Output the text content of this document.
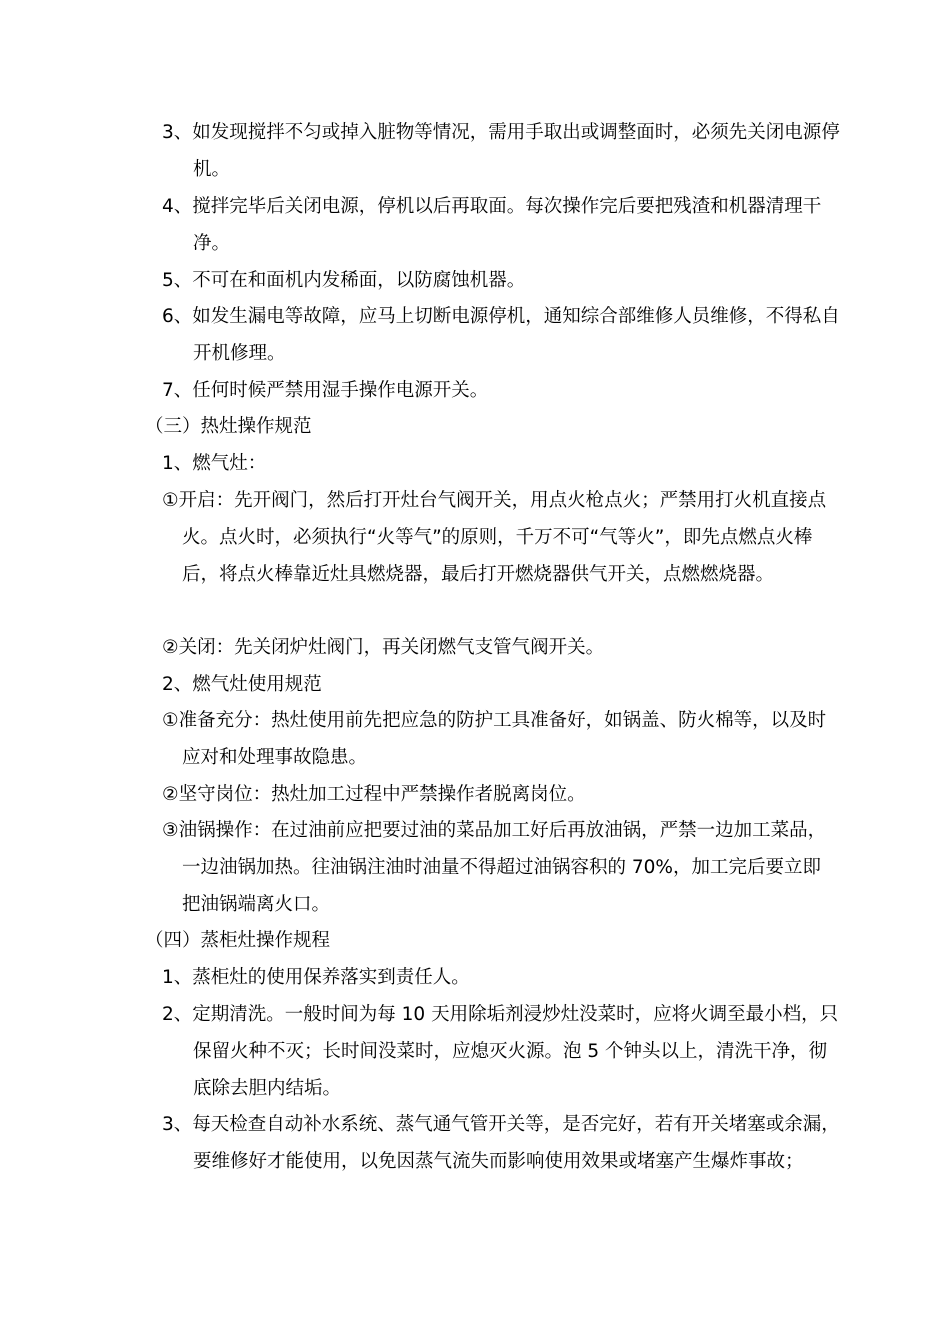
3、如发现搅拌不匀或掉入脏物等情况，需用手取出或调整面时，必须先关闭电源停机。

4、搅拌完毕后关闭电源，停机以后再取面。每次操作完后要把残渣和机器清理干净。

5、不可在和面机内发稀面，以防腐蚀机器。

6、如发生漏电等故障，应马上切断电源停机，通知综合部维修人员维修，不得私自开机修理。

7、任何时候严禁用湿手操作电源开关。

（三）热灶操作规范

1、燃气灶：

①开启：先开阀门，然后打开灶台气阀开关，用点火枪点火；严禁用打火机直接点火。点火时，必须执行“火等气”的原则，千万不可“气等火”，即先点燃点火棒后，将点火棒靠近灶具燃烧器，最后打开燃烧器供气开关，点燃燃烧器。

②关闭：先关闭炉灶阀门，再关闭燃气支管气阀开关。

2、燃气灶使用规范

①准备充分：热灶使用前先把应急的防护工具准备好，如锅盖、防火棉等，以及时应对和处理事故隐患。

②坚守岗位：热灶加工过程中严禁操作者脱离岗位。

③油锅操作：在过油前应把要过油的菜品加工好后再放油锅，严禁一边加工菜品，一边油锅加热。往油锅注油时油量不得超过油锅容积的 70%，加工完后要立即把油锅端离火口。

（四）蒸柜灶操作规程

1、蒸柜灶的使用保养落实到责任人。

2、定期清洗。一般时间为每 10 天用除垢剂浸炒灶没菜时，应将火调至最小档，只保留火种不灭；长时间没菜时，应熄灭火源。泡 5 个钟头以上，清洗干净，彻底除去胆内结垢。

3、每天检查自动补水系统、蒸气通气管开关等，是否完好，若有开关堵塞或余漏，要维修好才能使用，以免因蒸气流失而影响使用效果或堵塞产生爆炸事故；
